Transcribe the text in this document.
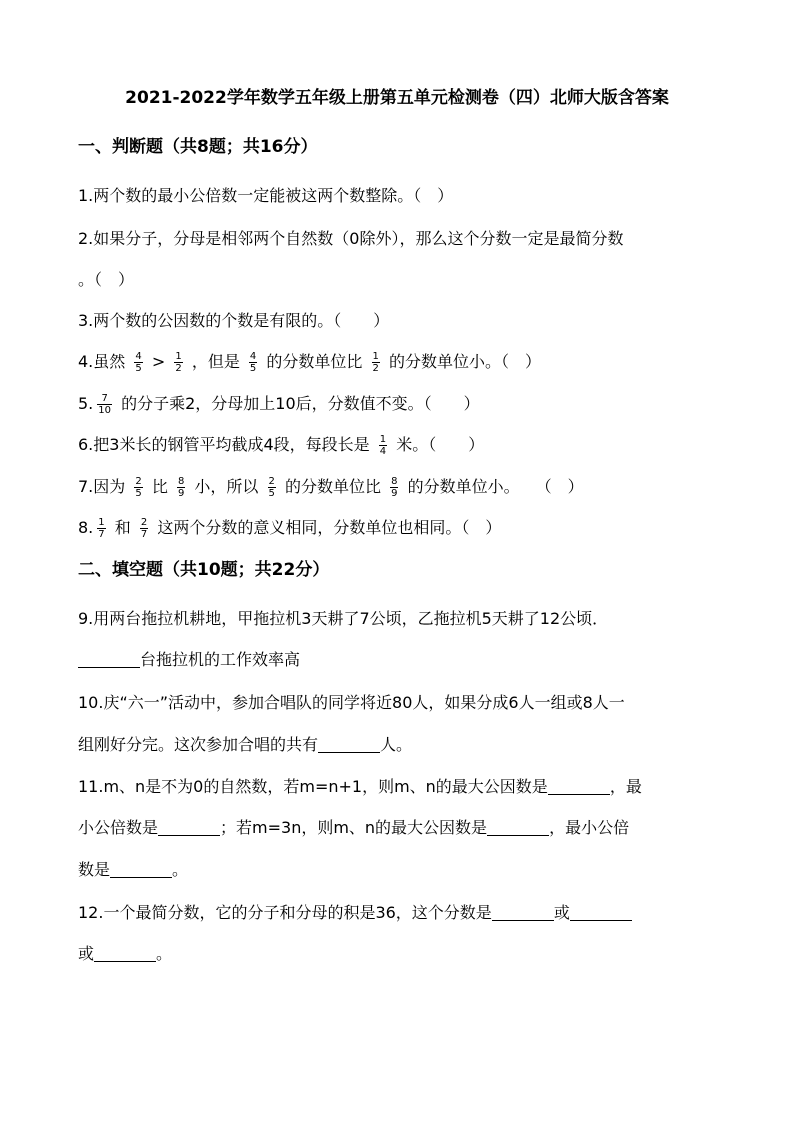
2021-2022学年数学五年级上册第五单元检测卷（四）北师大版含答案
一、判断题（共8题；共16分）
1.两个数的最小公倍数一定能被这两个数整除。（　）
2.如果分子，分母是相邻两个自然数（0除外），那么这个分数一定是最简分数
。（　）
3.两个数的公因数的个数是有限的。（　　）
4.虽然 $\frac{4}{5} > \frac{1}{2}$ ，但是 $\frac{4}{5}$ 的分数单位比 $\frac{1}{2}$ 的分数单位小。（　）
5. $\frac{7}{10}$ 的分子乘2，分母加上10后，分数值不变。（　　）
6.把3米长的钢管平均截成4段，每段长是 $\frac{1}{4}$ 米。（　　）
7.因为 $\frac{2}{5}$ 比 $\frac{8}{9}$ 小，所以 $\frac{2}{5}$ 的分数单位比 $\frac{8}{9}$ 的分数单位小。　　（　）
8. $\frac{1}{7}$ 和 $\frac{2}{7}$ 这两个分数的意义相同，分数单位也相同。（　）
二、填空题（共10题；共22分）
9.用两台拖拉机耕地，甲拖拉机3天耕了7公顷，乙拖拉机5天耕了12公顷．
台拖拉机的工作效率高
10.庆“六一”活动中，参加合唱队的同学将近80人，如果分成6人一组或8人一
组刚好分完。这次参加合唱的共有	人。
11.m、n是不为0的自然数，若m=n+1，则m、n的最大公因数是	，最
小公倍数是	；若m=3n，则m、n的最大公因数是	，最小公倍
数是	。
12.一个最简分数，它的分子和分母的积是36，这个分数是	或
或	。
